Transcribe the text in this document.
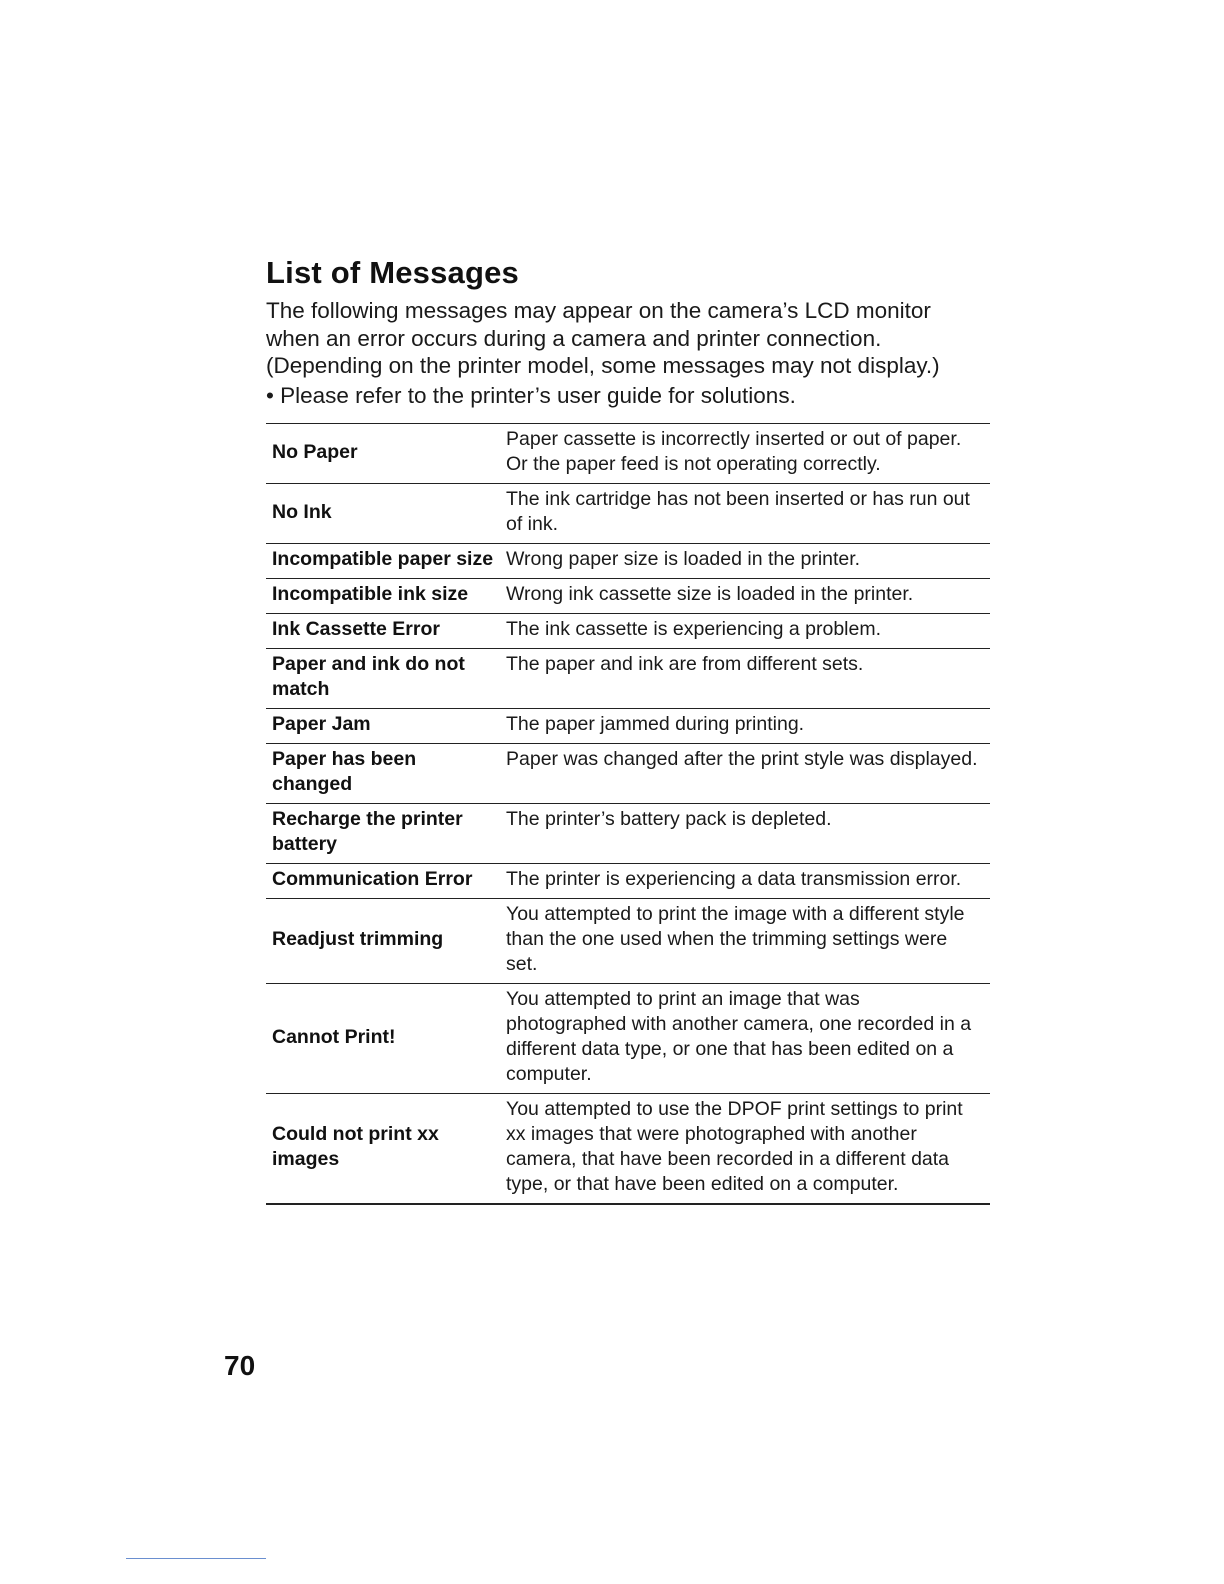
List of Messages

The following messages may appear on the camera’s LCD monitor when an error occurs during a camera and printer connection. (Depending on the printer model, some messages may not display.)

• Please refer to the printer’s user guide for solutions.

No Paper	Paper cassette is incorrectly inserted or out of paper. Or the paper feed is not operating correctly.
No Ink	The ink cartridge has not been inserted or has run out of ink.
Incompatible paper size	Wrong paper size is loaded in the printer.
Incompatible ink size	Wrong ink cassette size is loaded in the printer.
Ink Cassette Error	The ink cassette is experiencing a problem.
Paper and ink do not match	The paper and ink are from different sets.
Paper Jam	The paper jammed during printing.
Paper has been changed	Paper was changed after the print style was displayed.
Recharge the printer battery	The printer’s battery pack is depleted.
Communication Error	The printer is experiencing a data transmission error.
Readjust trimming	You attempted to print the image with a different style than the one used when the trimming settings were set.
Cannot Print!	You attempted to print an image that was photographed with another camera, one recorded in a different data type, or one that has been edited on a computer.
Could not print xx images	You attempted to use the DPOF print settings to print xx images that were photographed with another camera, that have been recorded in a different data type, or that have been edited on a computer.
70
